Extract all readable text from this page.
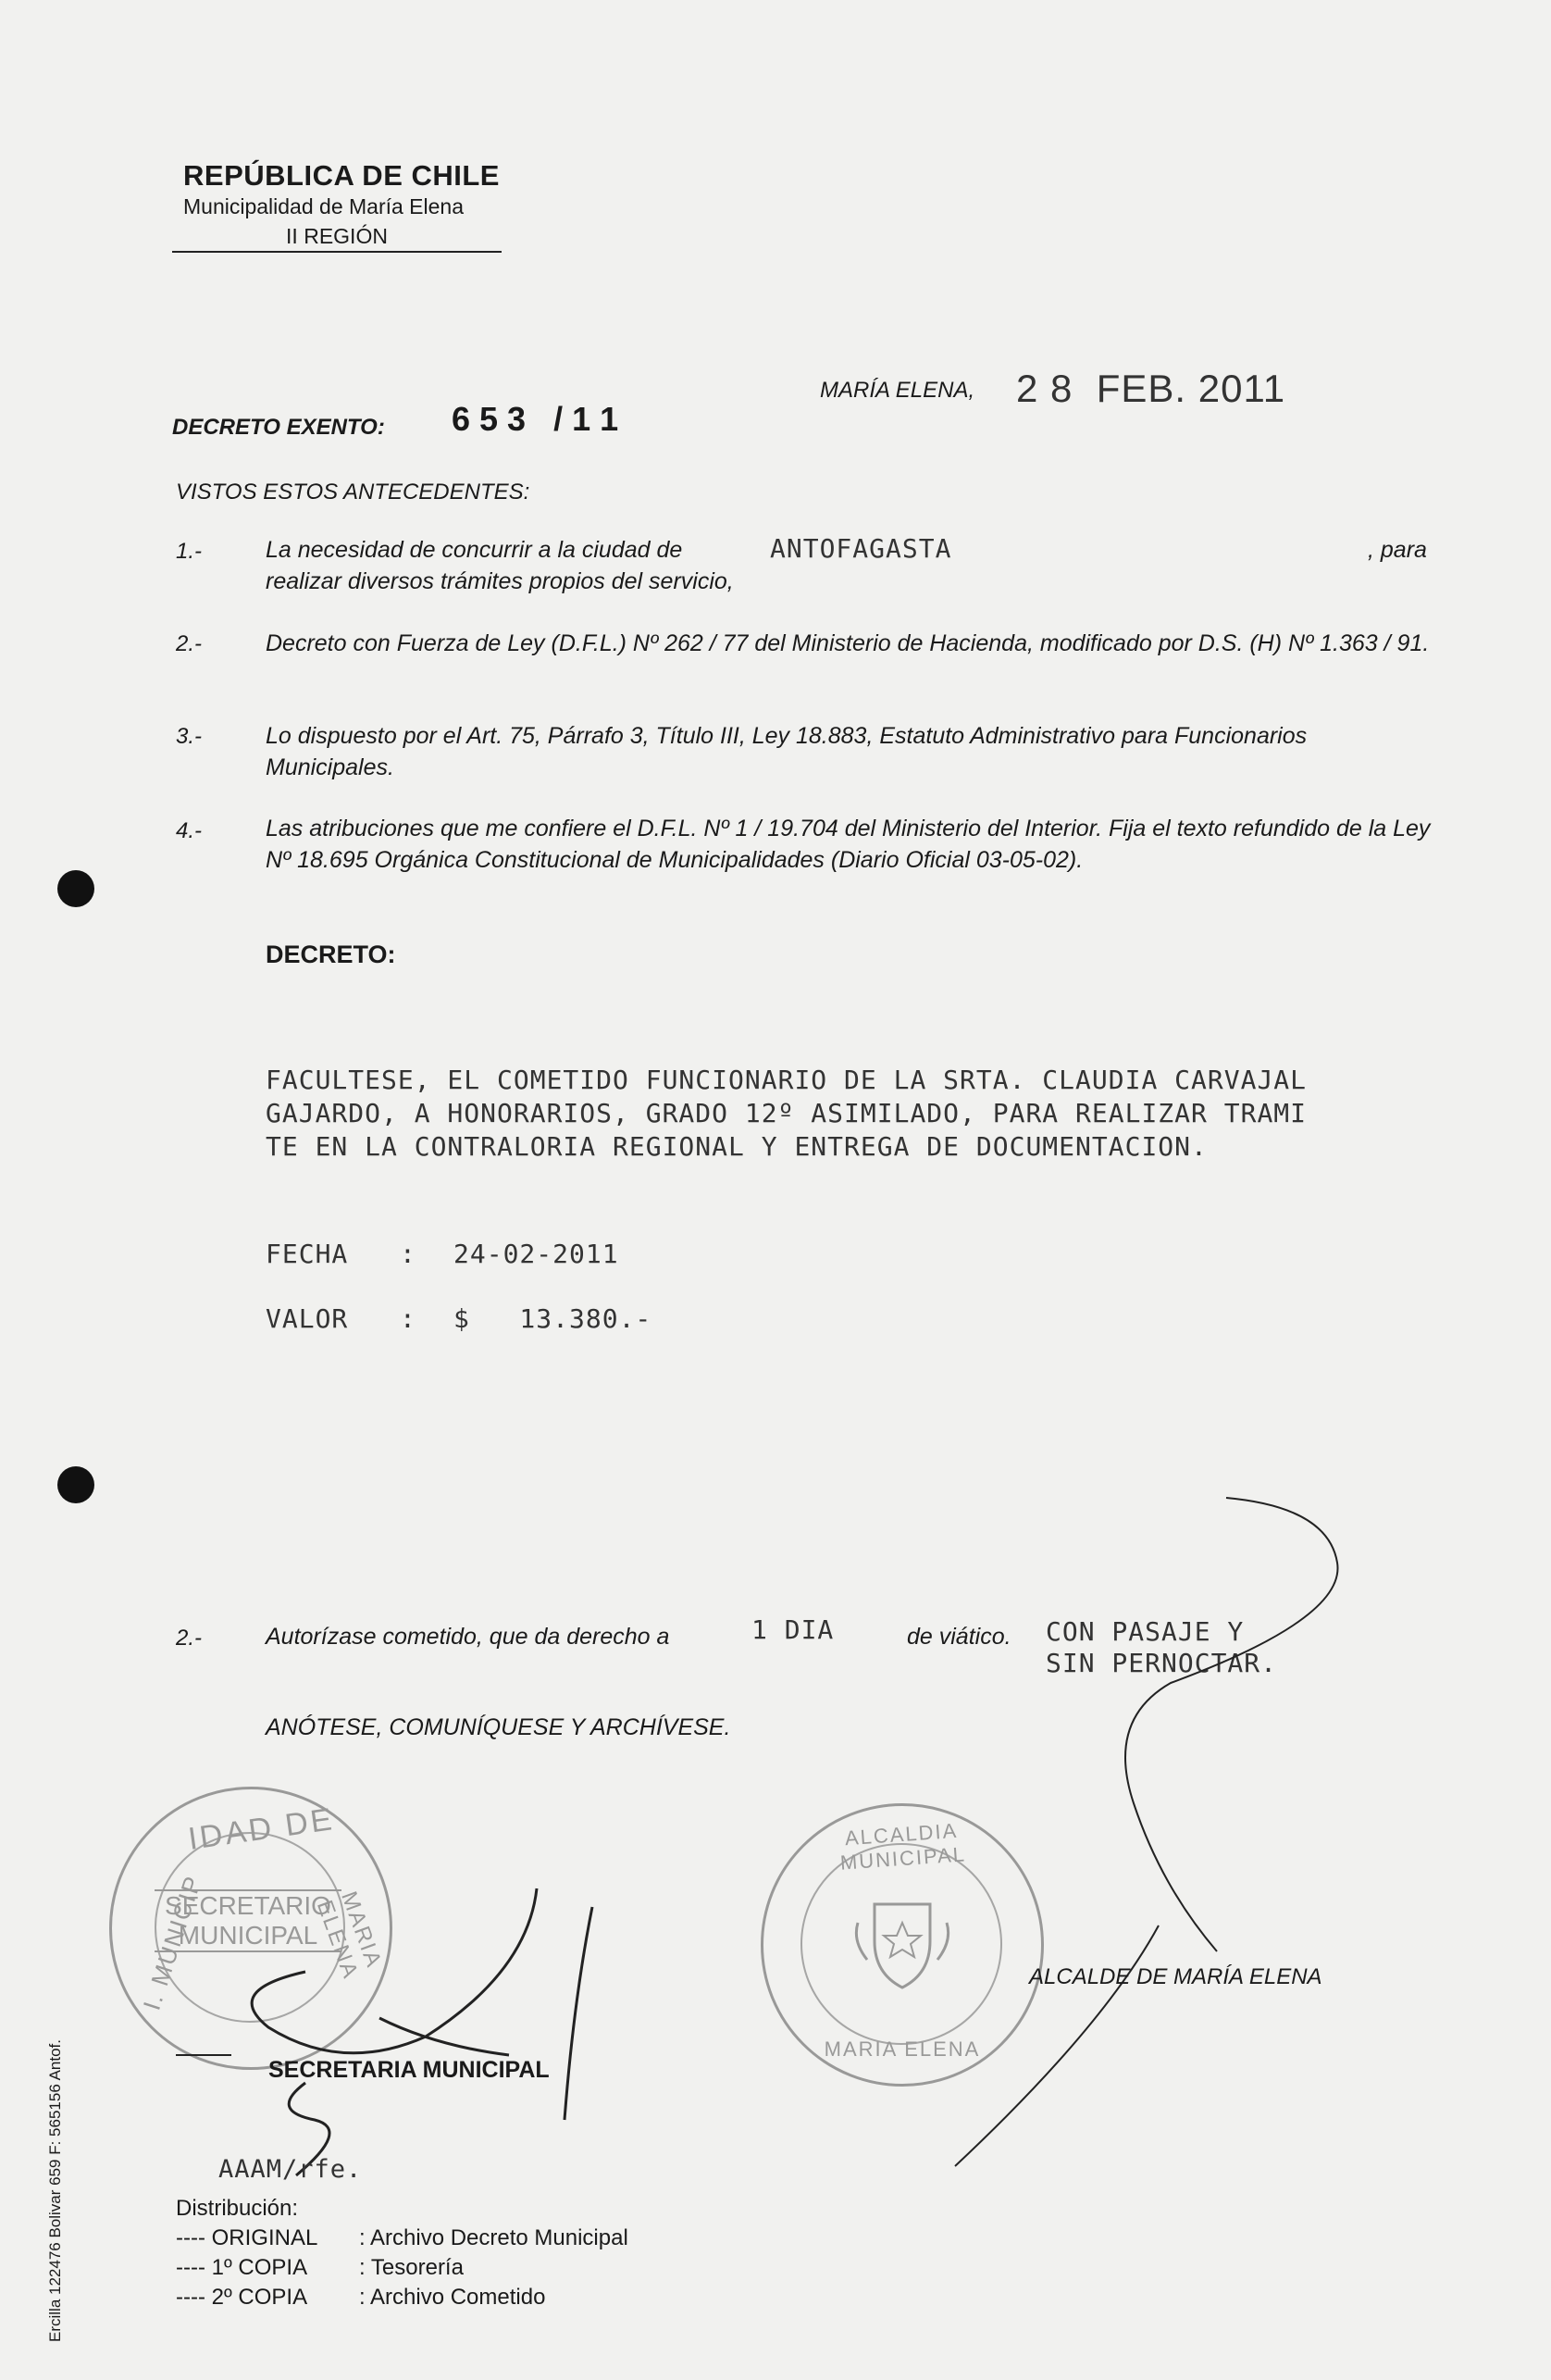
REPÚBLICA DE CHILE
Municipalidad de María Elena
II REGIÓN
DECRETO EXENTO: 6 5 3   / 1 1
MARÍA ELENA, 2 8  FEB. 2011
VISTOS ESTOS ANTECEDENTES:
1.-	La necesidad de concurrir a la ciudad de	ANTOFAGASTA	, para
realizar diversos trámites propios del servicio,
2.-	Decreto con Fuerza de Ley (D.F.L.) Nº 262 / 77 del Ministerio de Hacienda, modificado por D.S. (H) Nº 1.363 / 91.
3.-	Lo dispuesto por el Art. 75, Párrafo 3, Título III, Ley 18.883, Estatuto Administrativo para Funcionarios Municipales.
4.-	Las atribuciones que me confiere el D.F.L. Nº 1 / 19.704 del Ministerio del Interior. Fija el texto refundido de la Ley Nº 18.695 Orgánica Constitucional de Municipalidades (Diario Oficial 03-05-02).
DECRETO:
FACULTESE, EL COMETIDO FUNCIONARIO DE LA SRTA. CLAUDIA CARVAJAL
GAJARDO, A HONORARIOS, GRADO 12º ASIMILADO, PARA REALIZAR TRAMI
TE EN LA CONTRALORIA REGIONAL Y ENTREGA DE DOCUMENTACION.
FECHA : 24-02-2011
VALOR : $   13.380.-
2.-	Autorízase cometido, que da derecho a	1 DIA	de viático. CON PASAJE Y
SIN PERNOCTAR.
ANÓTESE, COMUNÍQUESE Y ARCHÍVESE.
IDAD DE
I. MUNICIP	MARIA ELENA
SECRETARIO
MUNICIPAL
ALCALDIA MUNICIPAL
MARIA ELENA
ALCALDE DE MARÍA ELENA
SECRETARIA MUNICIPAL
AAAM/rfe.
Distribución:
---- ORIGINAL : Archivo Decreto Municipal
---- 1º COPIA : Tesorería
---- 2º COPIA : Archivo Cometido
Ercilla 122476 Bolivar 659 F: 565156 Antof.
